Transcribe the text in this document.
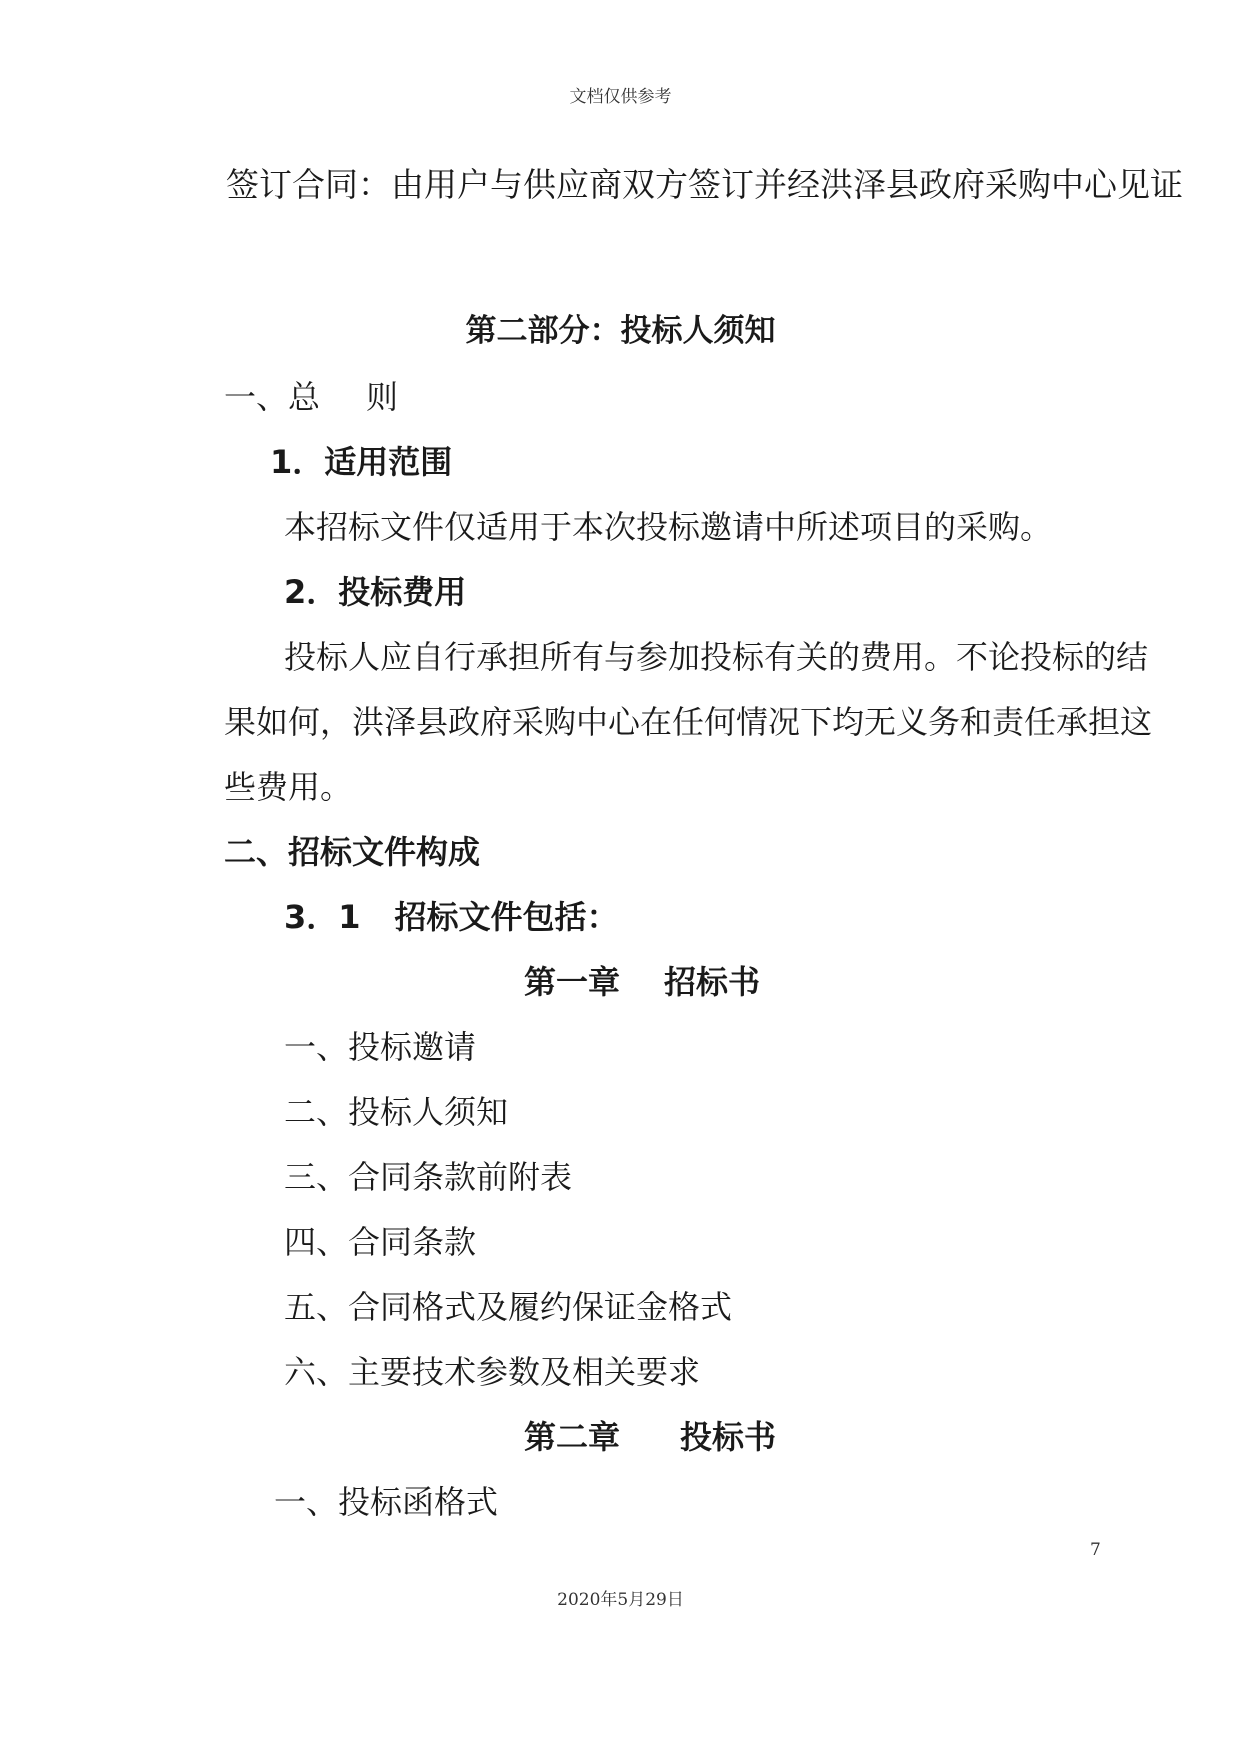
文档仅供参考
签订合同：由用户与供应商双方签订并经洪泽县政府采购中心见证
第二部分：投标人须知
一、总 则
1．适用范围
本招标文件仅适用于本次投标邀请中所述项目的采购。
2．投标费用
投标人应自行承担所有与参加投标有关的费用。不论投标的结
果如何，洪泽县政府采购中心在任何情况下均无义务和责任承担这
些费用。
二、招标文件构成
3．1 招标文件包括：
第一章 招标书
一、投标邀请
二、投标人须知
三、合同条款前附表
四、合同条款
五、合同格式及履约保证金格式
六、主要技术参数及相关要求
第二章 投标书
一、投标函格式
7
2020年5月29日
